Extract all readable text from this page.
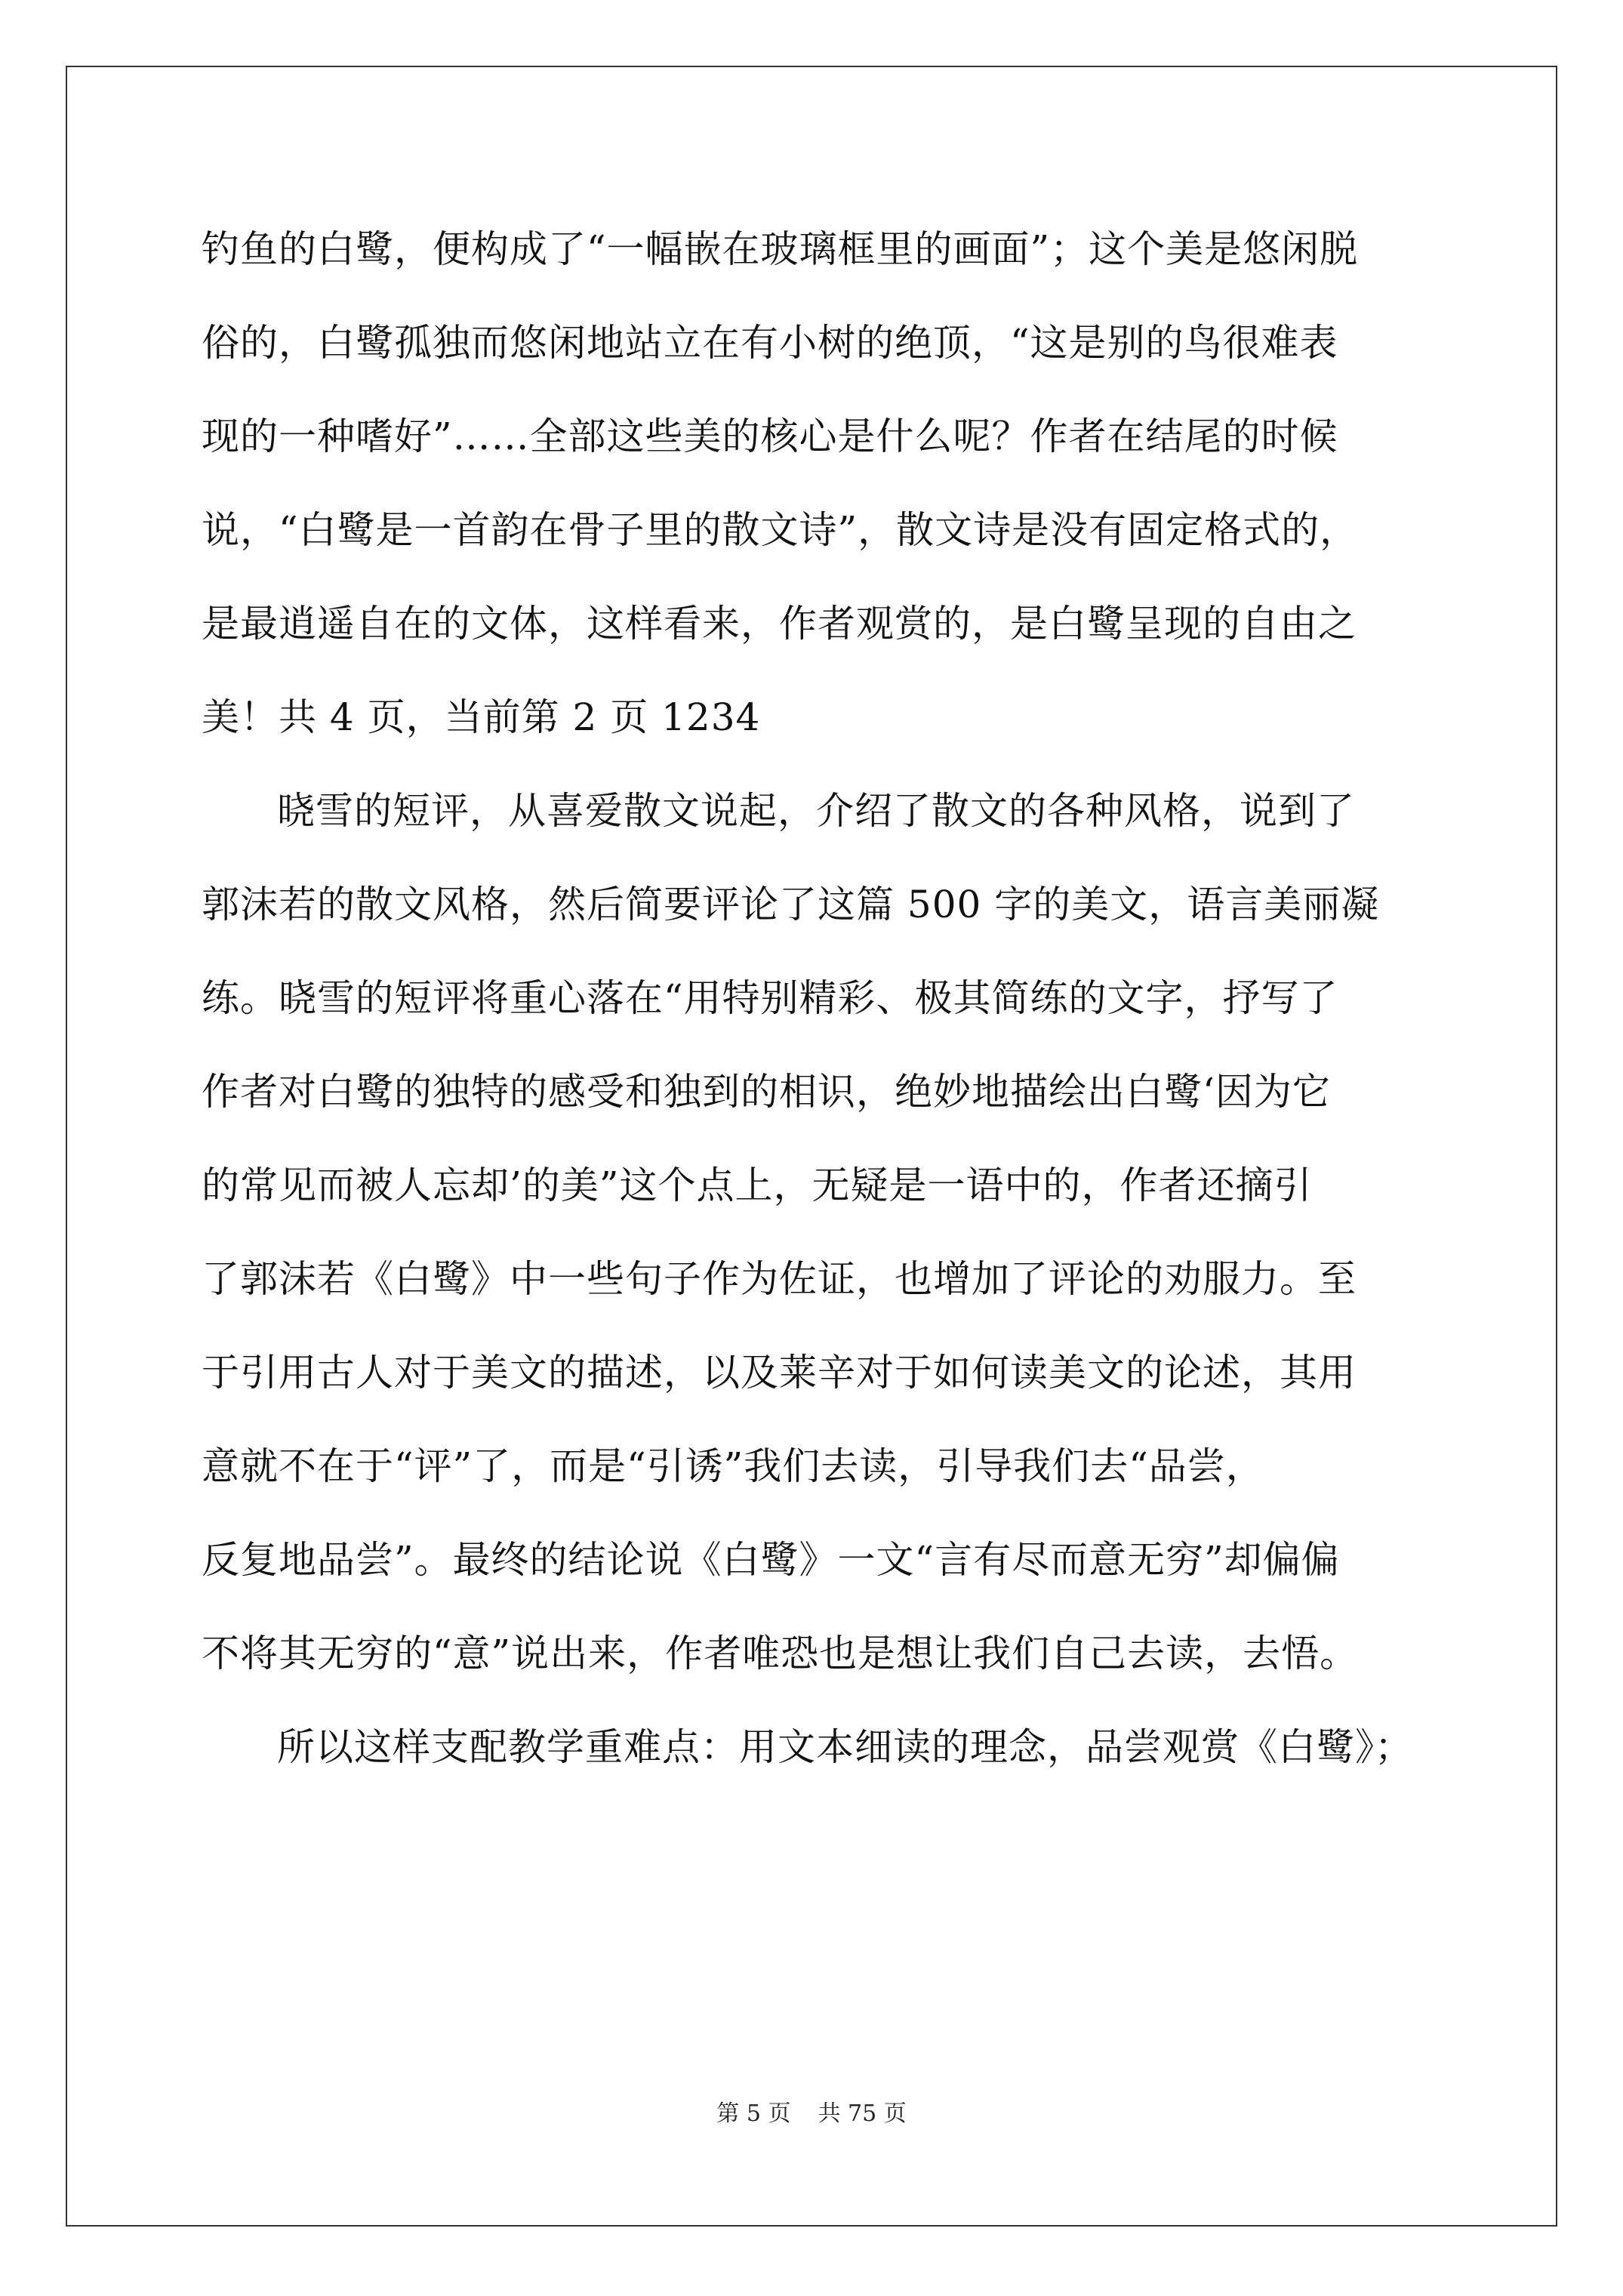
钓鱼的白鹭，便构成了“一幅嵌在玻璃框里的画面”；这个美是悠闲脱
俗的，白鹭孤独而悠闲地站立在有小树的绝顶，“这是别的鸟很难表
现的一种嗜好”……全部这些美的核心是什么呢？作者在结尾的时候
说，“白鹭是一首韵在骨子里的散文诗”，散文诗是没有固定格式的，
是最逍遥自在的文体，这样看来，作者观赏的，是白鹭呈现的自由之
美！共 4 页，当前第 2 页 1234
晓雪的短评，从喜爱散文说起，介绍了散文的各种风格，说到了
郭沫若的散文风格，然后简要评论了这篇 500 字的美文，语言美丽凝
练。晓雪的短评将重心落在“用特别精彩、极其简练的文字，抒写了
作者对白鹭的独特的感受和独到的相识，绝妙地描绘出白鹭‘因为它
的常见而被人忘却’的美”这个点上，无疑是一语中的，作者还摘引
了郭沫若《白鹭》中一些句子作为佐证，也增加了评论的劝服力。至
于引用古人对于美文的描述，以及莱辛对于如何读美文的论述，其用
意就不在于“评”了，而是“引诱”我们去读，引导我们去“品尝，
反复地品尝”。最终的结论说《白鹭》一文“言有尽而意无穷”却偏偏
不将其无穷的“意”说出来，作者唯恐也是想让我们自己去读，去悟。
所以这样支配教学重难点：用文本细读的理念，品尝观赏《白鹭》；
第 5 页 共 75 页
